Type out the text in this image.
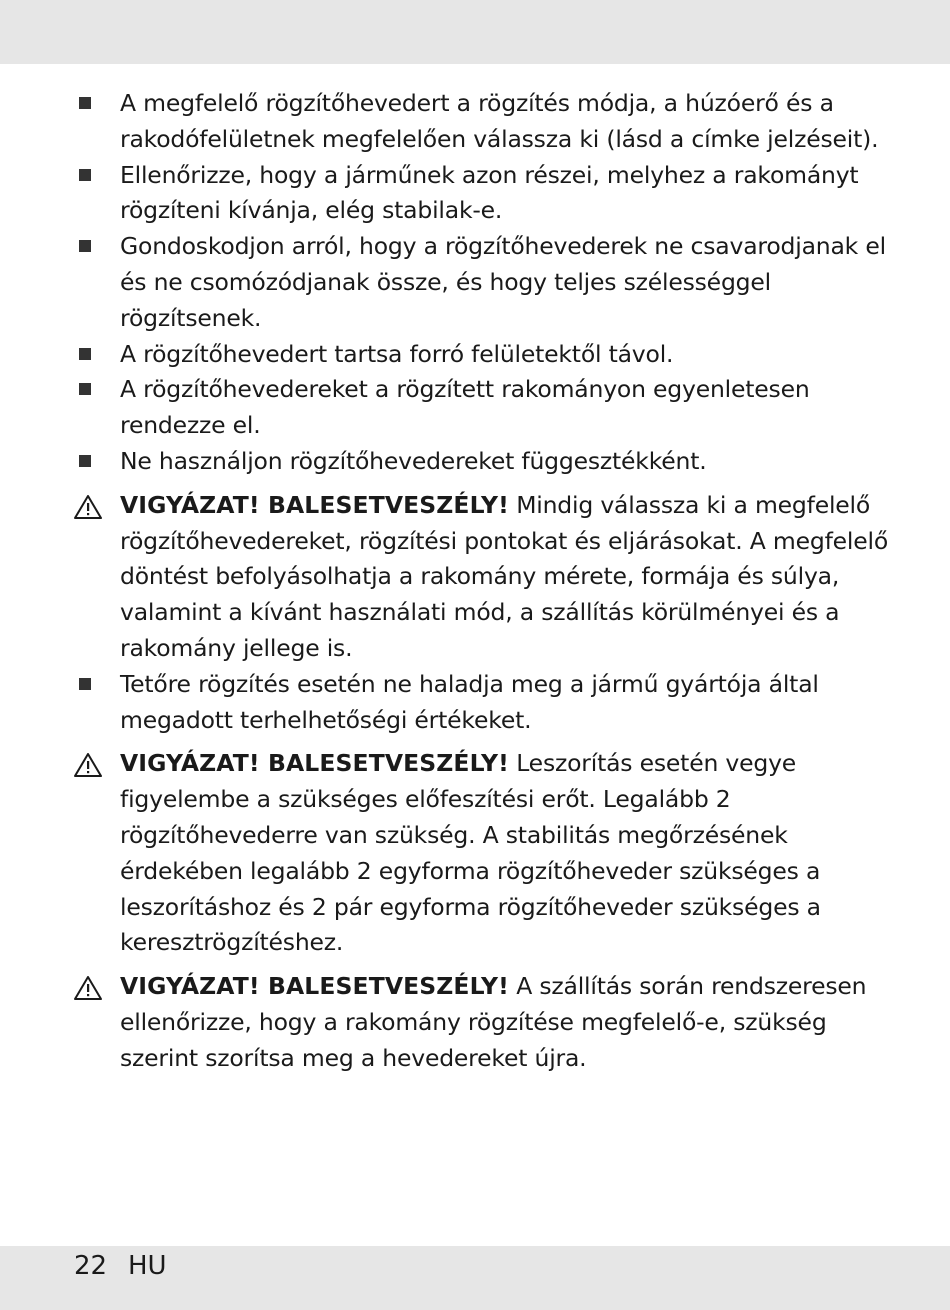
A megfelelő rögzítőhevedert a rögzítés módja, a húzóerő és a rakodófelületnek megfelelően válassza ki (lásd a címke jelzéseit).
Ellenőrizze, hogy a járműnek azon részei, melyhez a rakományt rögzíteni kívánja, elég stabilak-e.
Gondoskodjon arról, hogy a rögzítőhevederek ne csavarodjanak el és ne csomózódjanak össze, és hogy teljes szélességgel rögzítsenek.
A rögzítőhevedert tartsa forró felületektől távol.
A rögzítőhevedereket a rögzített rakományon egyenletesen rendezze el.
Ne használjon rögzítőhevedereket függesztékként.
VIGYÁZAT! BALESETVESZÉLY! Mindig válassza ki a megfelelő rögzítőhevedereket, rögzítési pontokat és eljárásokat. A megfelelő döntést befolyásolhatja a rakomány mérete, formája és súlya, valamint a kívánt használati mód, a szállítás körülményei és a rakomány jellege is.
Tetőre rögzítés esetén ne haladja meg a jármű gyártója által megadott terhelhetőségi értékeket.
VIGYÁZAT! BALESETVESZÉLY! Leszorítás esetén vegye figyelembe a szükséges előfeszítési erőt. Legalább 2 rögzítőhevederre van szükség. A stabilitás megőrzésének érdekében legalább 2 egyforma rögzítőheveder szükséges a leszorításhoz és 2 pár egyforma rögzítőheveder szükséges a keresztrögzítéshez.
VIGYÁZAT! BALESETVESZÉLY! A szállítás során rendszeresen ellenőrizze, hogy a rakomány rögzítése megfelelő-e, szükség szerint szorítsa meg a hevedereket újra.
22 HU
